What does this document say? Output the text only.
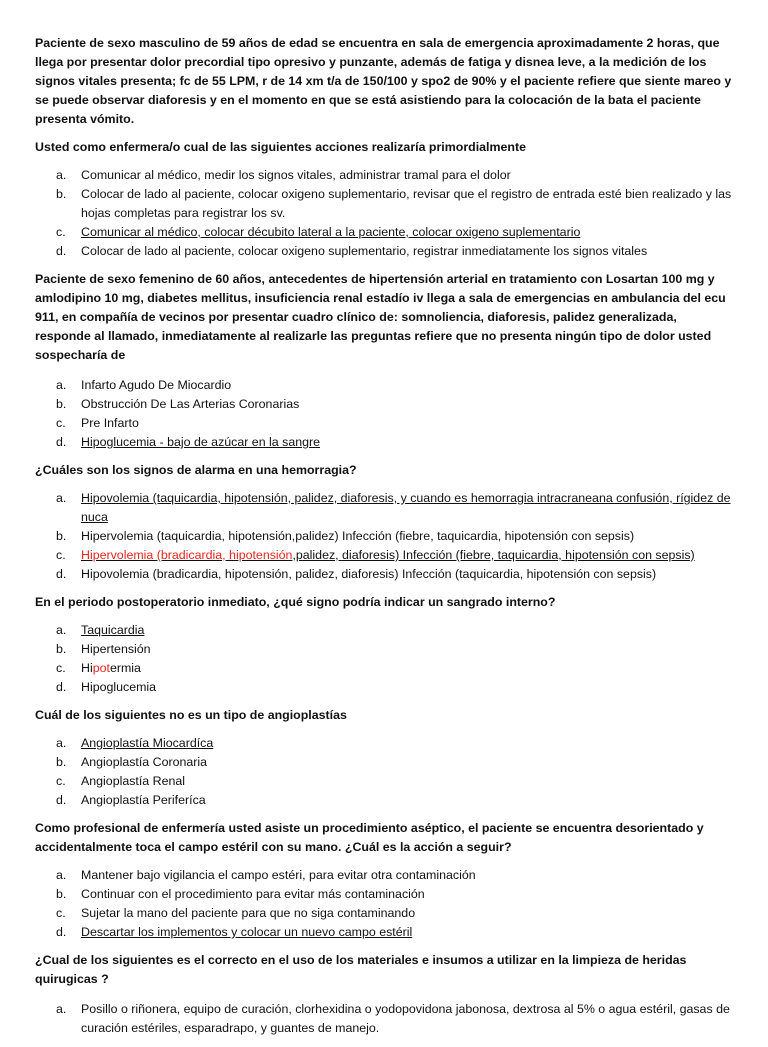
Paciente de sexo masculino de 59 años de edad se encuentra en sala de emergencia aproximadamente 2 horas, que llega por presentar dolor precordial tipo opresivo y punzante, además de fatiga y disnea leve, a la medición de los signos vitales presenta; fc de 55 LPM, r de 14 xm t/a de 150/100 y spo2 de 90% y el paciente refiere que siente mareo y se puede observar diaforesis y en el momento en que se está asistiendo para la colocación de la bata el paciente presenta vómito.

Usted como enfermera/o cual de las siguientes acciones realizaría primordialmente

a. Comunicar al médico, medir los signos vitales, administrar tramal para el dolor
b. Colocar de lado al paciente, colocar oxigeno suplementario, revisar que el registro de entrada esté bien realizado y las hojas completas para registrar los sv.
c. Comunicar al médico, colocar décubito lateral a la paciente, colocar oxigeno suplementario
d. Colocar de lado al paciente, colocar oxigeno suplementario, registrar inmediatamente los signos vitales

Paciente de sexo femenino de 60 años, antecedentes de hipertensión arterial en tratamiento con Losartan 100 mg y amlodipino 10 mg, diabetes mellitus, insuficiencia renal estadío iv llega a sala de emergencias en ambulancia del ecu 911, en compañía de vecinos por presentar cuadro clínico de: somnoliencia, diaforesis, palidez generalizada, responde al llamado, inmediatamente al realizarle las preguntas refiere que no presenta ningún tipo de dolor usted sospecharía de

a. Infarto Agudo De Miocardio
b. Obstrucción De Las Arterias Coronarias
c. Pre Infarto
d. Hipoglucemia - bajo de azúcar en la sangre

¿Cuáles son los signos de alarma en una hemorragia?

a. Hipovolemia (taquicardia, hipotensión, palidez, diaforesis, y cuando es hemorragia intracraneana confusión, rígidez de nuca
b. Hipervolemia (taquicardia, hipotensión,palidez) Infección (fiebre, taquicardia, hipotensión con sepsis)
c. Hipervolemia (bradicardia, hipotensión,palidez, diaforesis) Infección (fiebre, taquicardia, hipotensión con sepsis)
d. Hipovolemia (bradicardia, hipotensión, palidez, diaforesis) Infección (taquicardia, hipotensión con sepsis)

En el periodo postoperatorio inmediato, ¿qué signo podría indicar un sangrado interno?

a. Taquicardia
b. Hipertensión
c. Hipotermia
d. Hipoglucemia

Cuál de los siguientes no es un tipo de angioplastías

a. Angioplastía Miocardíca
b. Angioplastía Coronaria
c. Angioplastía Renal
d. Angioplastía Periferíca

Como profesional de enfermería usted asiste un procedimiento aséptico, el paciente se encuentra desorientado y accidentalmente toca el campo estéril con su mano. ¿Cuál es la acción a seguir?

a. Mantener bajo vigilancia el campo estéri, para evitar otra contaminación
b. Continuar con el procedimiento para evitar más contaminación
c. Sujetar la mano del paciente para que no siga contaminando
d. Descartar los implementos y colocar un nuevo campo estéril

¿Cual de los siguientes es el correcto en el uso de los materiales e insumos a utilizar en la limpieza de heridas quirugicas ?

a. Posillo o riñonera, equipo de curación, clorhexidina o yodopovidona jabonosa, dextrosa al 5% o agua estéril, gasas de curación estériles, esparadrapo, y guantes de manejo.
